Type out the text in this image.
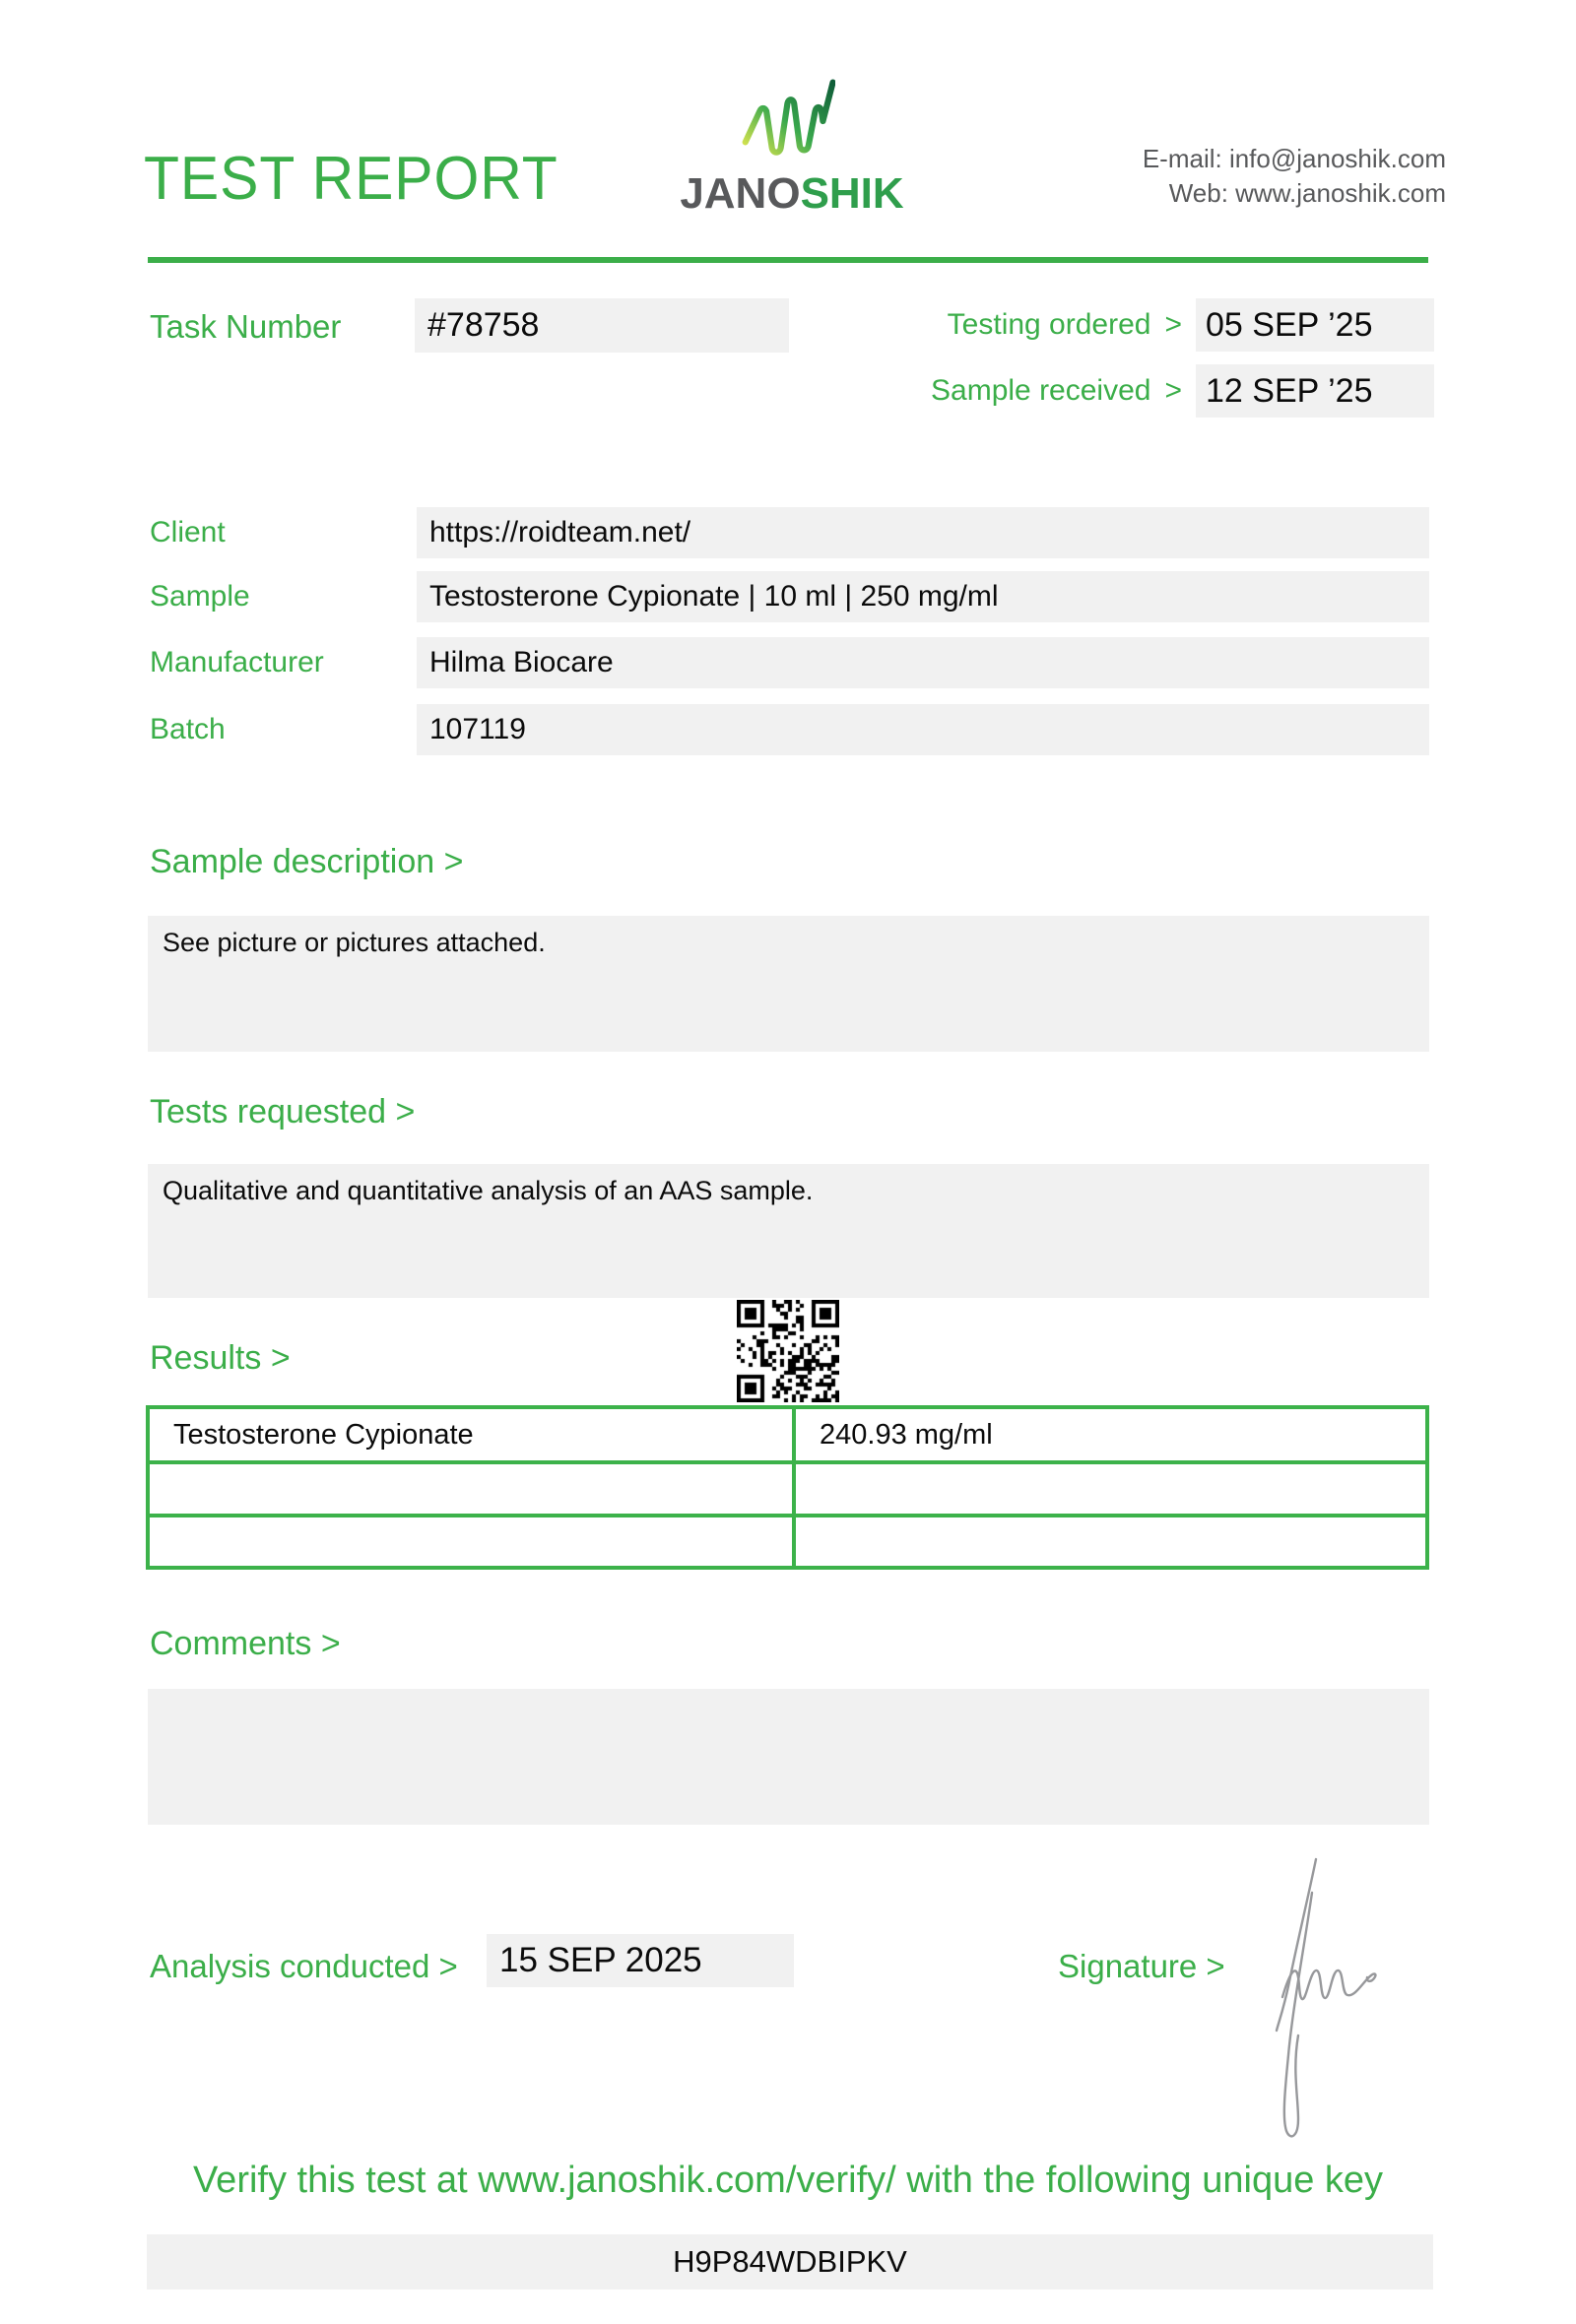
TEST REPORT	JANOSHIK
E-mail: info@janoshik.com
Web: www.janoshik.com
Task Number	#78758	Testing ordered > 05 SEP ’25
Sample received > 12 SEP ’25
Client	https://roidteam.net/
Sample	Testosterone Cypionate | 10 ml | 250 mg/ml
Manufacturer	Hilma Biocare
Batch	107119
Sample description >
See picture or pictures attached.
Tests requested >
Qualitative and quantitative analysis of an AAS sample.
Results >
Testosterone Cypionate	240.93 mg/ml

Comments >
Analysis conducted >	15 SEP 2025	Signature >
Verify this test at www.janoshik.com/verify/ with the following unique key
H9P84WDBIPKV
